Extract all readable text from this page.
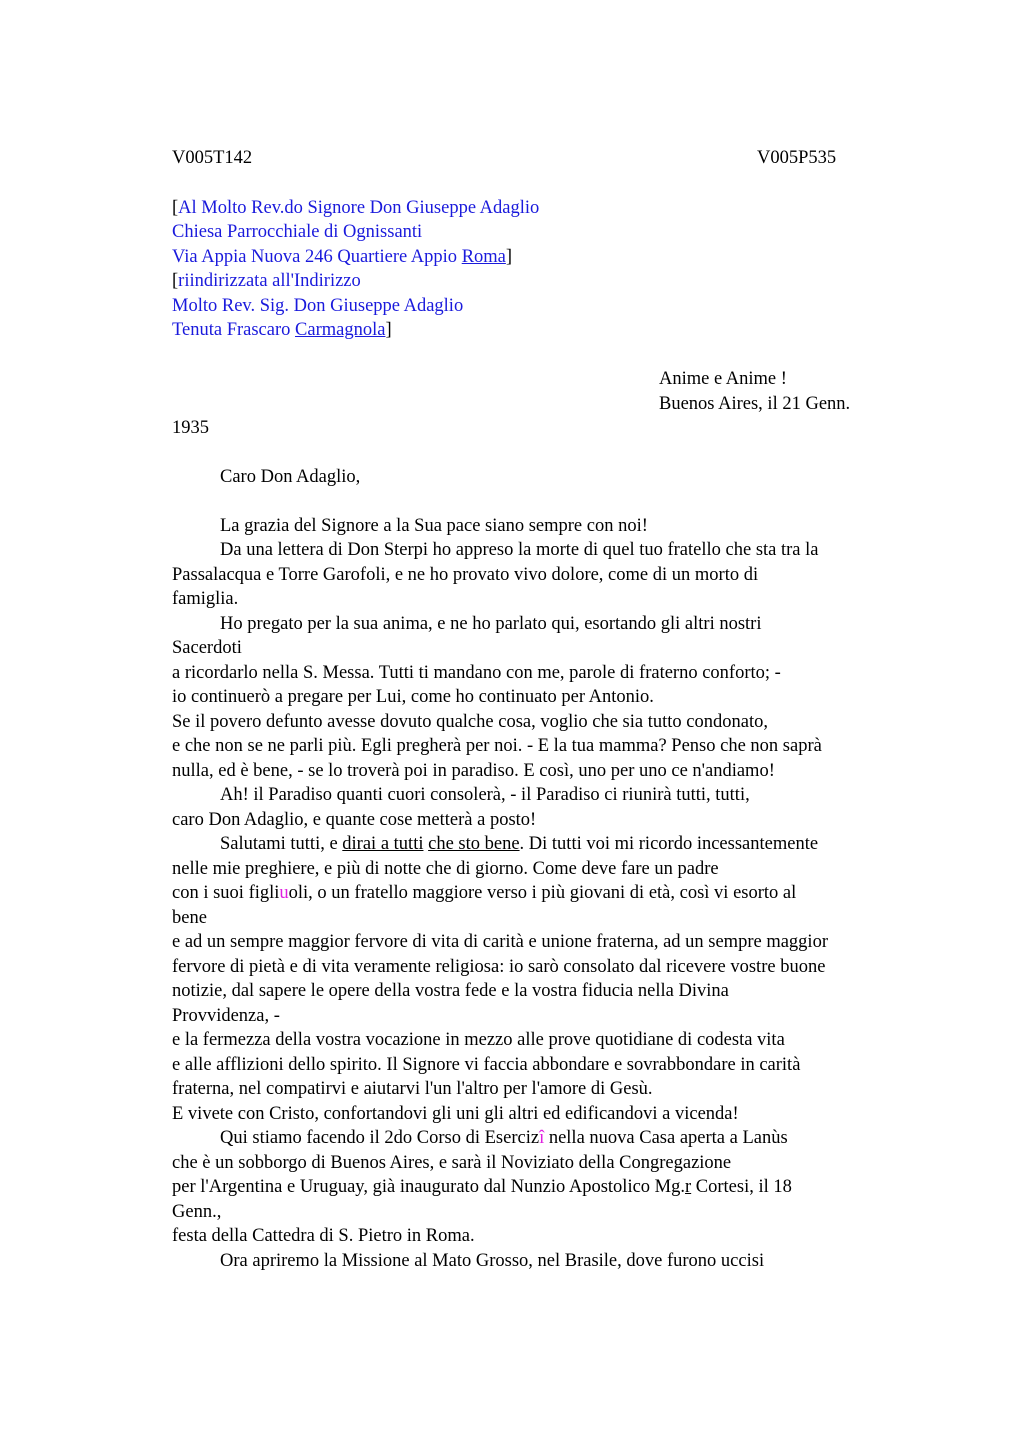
V005T142	V005P535
[Al Molto Rev.do Signore Don Giuseppe Adaglio
Chiesa Parrocchiale di Ognissanti
Via Appia Nuova 246 Quartiere Appio Roma]
[riindirizzata all'Indirizzo
Molto Rev. Sig. Don Giuseppe Adaglio
Tenuta Frascaro Carmagnola]
Anime e Anime !
Buenos Aires, il 21 Genn.
1935
Caro Don Adaglio,
La grazia del Signore a la Sua pace siano sempre con noi!
Da una lettera di Don Sterpi ho appreso la morte di quel tuo fratello che sta tra la
Passalacqua e Torre Garofoli, e ne ho provato vivo dolore, come di un morto di
famiglia.
Ho pregato per la sua anima, e ne ho parlato qui, esortando gli altri nostri
Sacerdoti
a ricordarlo nella S. Messa. Tutti ti mandano con me, parole di fraterno conforto; -
io continuerò a pregare per Lui, come ho continuato per Antonio.
Se il povero defunto avesse dovuto qualche cosa, voglio che sia tutto condonato,
e che non se ne parli più. Egli pregherà per noi. - E la tua mamma? Penso che non saprà
nulla, ed è bene, - se lo troverà poi in paradiso. E così, uno per uno ce n'andiamo!
Ah! il Paradiso quanti cuori consolerà, - il Paradiso ci riunirà tutti, tutti,
caro Don Adaglio, e quante cose metterà a posto!
Salutami tutti, e dirai a tutti che sto bene. Di tutti voi mi ricordo incessantemente
nelle mie preghiere, e più di notte che di giorno. Come deve fare un padre
con i suoi figliuoli, o un fratello maggiore verso i più giovani di età, così vi esorto al
bene
e ad un sempre maggior fervore di vita di carità e unione fraterna, ad un sempre maggior
fervore di pietà e di vita veramente religiosa: io sarò consolato dal ricevere vostre buone
notizie, dal sapere le opere della vostra fede e la vostra fiducia nella Divina
Provvidenza, -
e la fermezza della vostra vocazione in mezzo alle prove quotidiane di codesta vita
e alle afflizioni dello spirito. Il Signore vi faccia abbondare e sovrabbondare in carità
fraterna, nel compatirvi e aiutarvi l'un l'altro per l'amore di Gesù.
E vivete con Cristo, confortandovi gli uni gli altri ed edificandovi a vicenda!
Qui stiamo facendo il 2do Corso di Esercizî nella nuova Casa aperta a Lanùs
che è un sobborgo di Buenos Aires, e sarà il Noviziato della Congregazione
per l'Argentina e Uruguay, già inaugurato dal Nunzio Apostolico Mg.r Cortesi, il 18
Genn.,
festa della Cattedra di S. Pietro in Roma.
Ora apriremo la Missione al Mato Grosso, nel Brasile, dove furono uccisi
